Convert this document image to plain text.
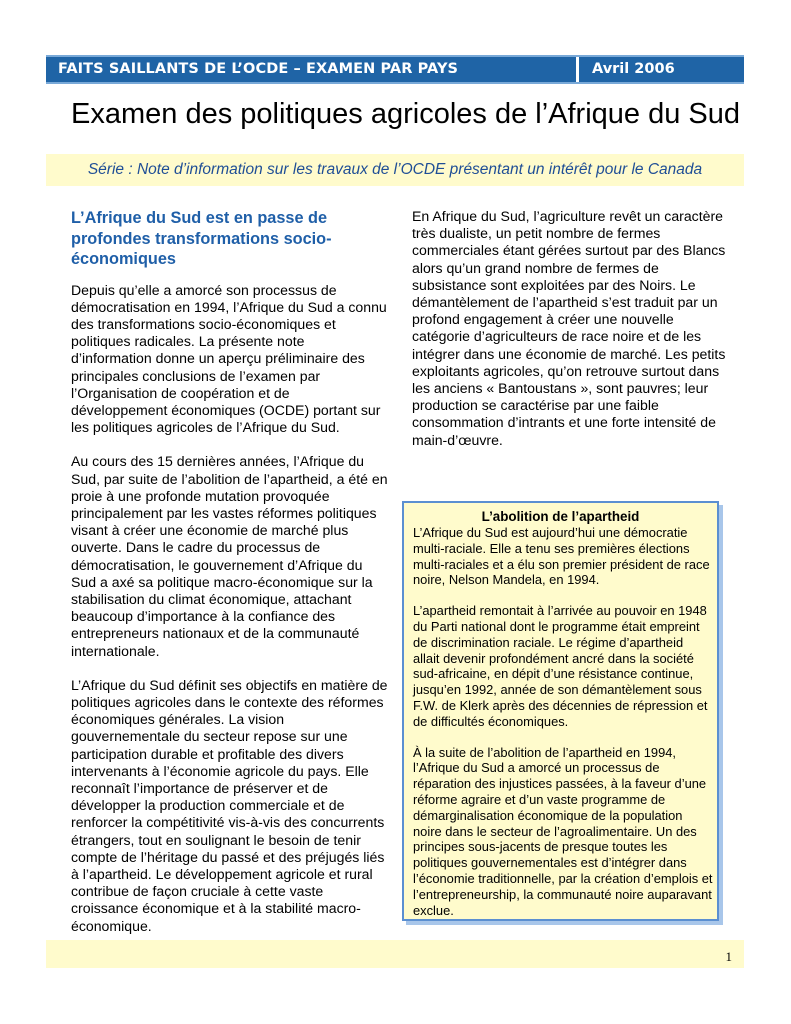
FAITS SAILLANTS DE L’OCDE – EXAMEN PAR PAYS	Avril 2006
Examen des politiques agricoles de l’Afrique du Sud
Série : Note d’information sur les travaux de l’OCDE présentant un intérêt pour le Canada
L’Afrique du Sud est en passe de profondes transformations socio-économiques

Depuis qu’elle a amorcé son processus de démocratisation en 1994, l’Afrique du Sud a connu des transformations socio-économiques et politiques radicales. La présente note d’information donne un aperçu préliminaire des principales conclusions de l’examen par l’Organisation de coopération et de développement économiques (OCDE) portant sur les politiques agricoles de l’Afrique du Sud.

Au cours des 15 dernières années, l’Afrique du Sud, par suite de l’abolition de l’apartheid, a été en proie à une profonde mutation provoquée principalement par les vastes réformes politiques visant à créer une économie de marché plus ouverte. Dans le cadre du processus de démocratisation, le gouvernement d’Afrique du Sud a axé sa politique macro-économique sur la stabilisation du climat économique, attachant beaucoup d’importance à la confiance des entrepreneurs nationaux et de la communauté internationale.

L’Afrique du Sud définit ses objectifs en matière de politiques agricoles dans le contexte des réformes économiques générales. La vision gouvernementale du secteur repose sur une participation durable et profitable des divers intervenants à l’économie agricole du pays. Elle reconnaît l’importance de préserver et de développer la production commerciale et de renforcer la compétitivité vis-à-vis des concurrents étrangers, tout en soulignant le besoin de tenir compte de l’héritage du passé et des préjugés liés à l’apartheid. Le développement agricole et rural contribue de façon cruciale à cette vaste croissance économique et à la stabilité macro-économique.

En Afrique du Sud, l’agriculture revêt un caractère très dualiste, un petit nombre de fermes commerciales étant gérées surtout par des Blancs alors qu’un grand nombre de fermes de subsistance sont exploitées par des Noirs. Le démantèlement de l’apartheid s’est traduit par un profond engagement à créer une nouvelle catégorie d’agriculteurs de race noire et de les intégrer dans une économie de marché. Les petits exploitants agricoles, qu’on retrouve surtout dans les anciens « Bantoustans », sont pauvres; leur production se caractérise par une faible consommation d’intrants et une forte intensité de main-d’œuvre.

L’abolition de l’apartheid

L’Afrique du Sud est aujourd’hui une démocratie multi-raciale. Elle a tenu ses premières élections multi-raciales et a élu son premier président de race noire, Nelson Mandela, en 1994.

L’apartheid remontait à l’arrivée au pouvoir en 1948 du Parti national dont le programme était empreint de discrimination raciale. Le régime d’apartheid allait devenir profondément ancré dans la société sud-africaine, en dépit d’une résistance continue, jusqu’en 1992, année de son démantèlement sous F.W. de Klerk après des décennies de répression et de difficultés économiques.

À la suite de l’abolition de l’apartheid en 1994, l’Afrique du Sud a amorcé un processus de réparation des injustices passées, à la faveur d’une réforme agraire et d’un vaste programme de démarginalisation économique de la population noire dans le secteur de l’agroalimentaire. Un des principes sous-jacents de presque toutes les politiques gouvernementales est d’intégrer dans l’économie traditionnelle, par la création d’emplois et l’entrepreneurship, la communauté noire auparavant exclue.

1
